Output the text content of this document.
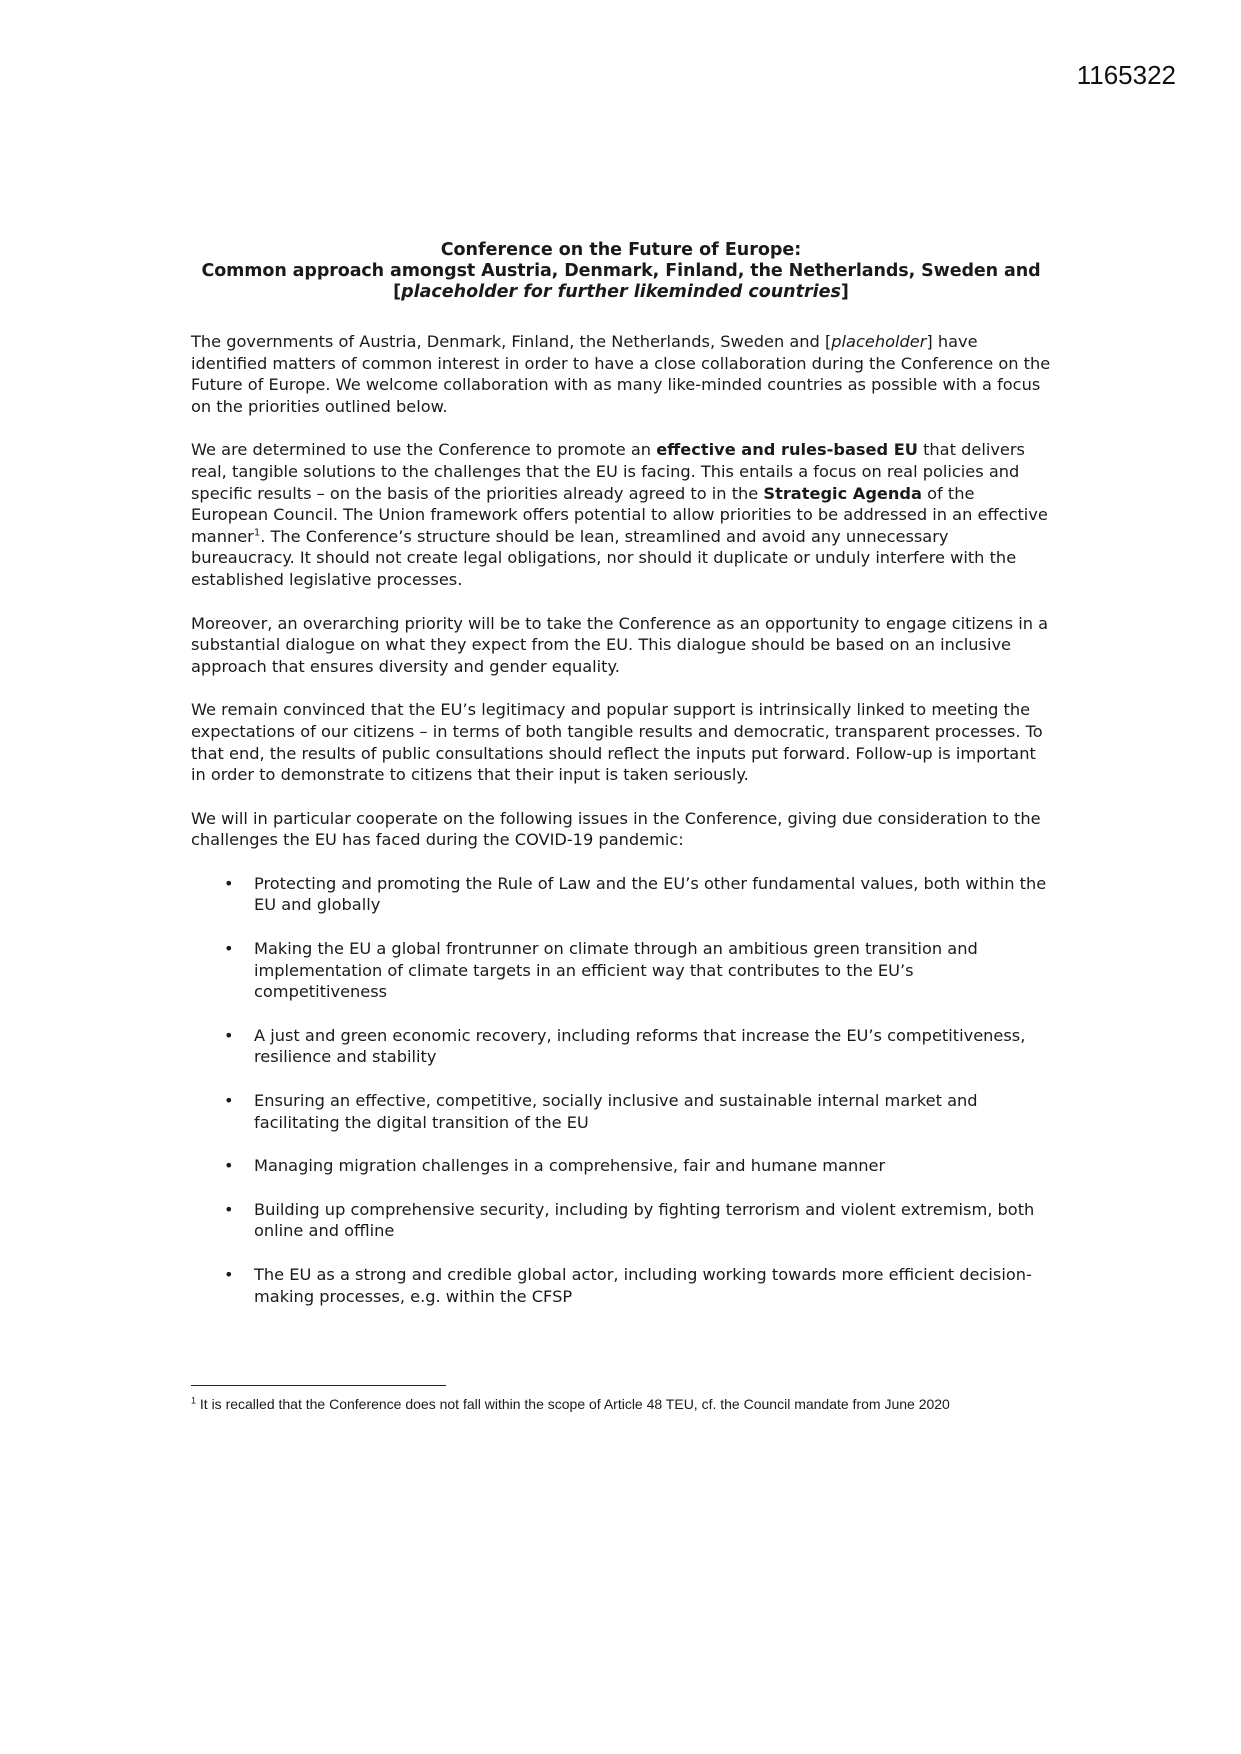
1165322
Conference on the Future of Europe:
Common approach amongst Austria, Denmark, Finland, the Netherlands, Sweden and
[placeholder for further likeminded countries]

The governments of Austria, Denmark, Finland, the Netherlands, Sweden and [placeholder] have identified matters of common interest in order to have a close collaboration during the Conference on the Future of Europe. We welcome collaboration with as many like-minded countries as possible with a focus on the priorities outlined below.

We are determined to use the Conference to promote an effective and rules-based EU that delivers real, tangible solutions to the challenges that the EU is facing. This entails a focus on real policies and specific results – on the basis of the priorities already agreed to in the Strategic Agenda of the European Council. The Union framework offers potential to allow priorities to be addressed in an effective manner$^1$. The Conference’s structure should be lean, streamlined and avoid any unnecessary bureaucracy. It should not create legal obligations, nor should it duplicate or unduly interfere with the established legislative processes.

Moreover, an overarching priority will be to take the Conference as an opportunity to engage citizens in a substantial dialogue on what they expect from the EU. This dialogue should be based on an inclusive approach that ensures diversity and gender equality.

We remain convinced that the EU’s legitimacy and popular support is intrinsically linked to meeting the expectations of our citizens – in terms of both tangible results and democratic, transparent processes. To that end, the results of public consultations should reflect the inputs put forward. Follow-up is important in order to demonstrate to citizens that their input is taken seriously.

We will in particular cooperate on the following issues in the Conference, giving due consideration to the challenges the EU has faced during the COVID-19 pandemic:

• Protecting and promoting the Rule of Law and the EU’s other fundamental values, both within the EU and globally
• Making the EU a global frontrunner on climate through an ambitious green transition and implementation of climate targets in an efficient way that contributes to the EU’s competitiveness
• A just and green economic recovery, including reforms that increase the EU’s competitiveness, resilience and stability
• Ensuring an effective, competitive, socially inclusive and sustainable internal market and facilitating the digital transition of the EU
• Managing migration challenges in a comprehensive, fair and humane manner
• Building up comprehensive security, including by fighting terrorism and violent extremism, both online and offline
• The EU as a strong and credible global actor, including working towards more efficient decision-making processes, e.g. within the CFSP
$^1$ It is recalled that the Conference does not fall within the scope of Article 48 TEU, cf. the Council mandate from June 2020
